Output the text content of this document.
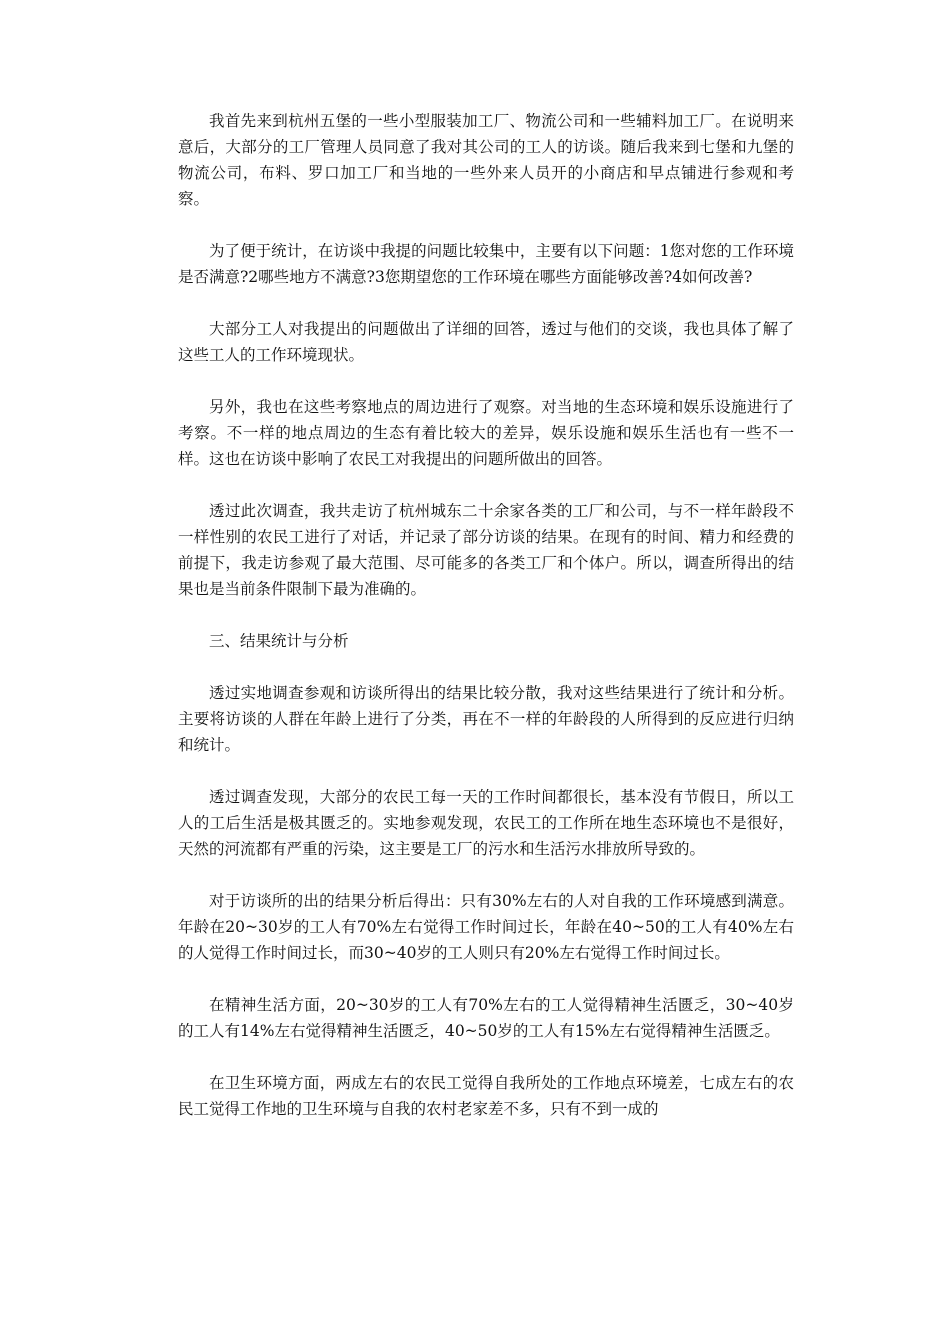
我首先来到杭州五堡的一些小型服装加工厂、物流公司和一些辅料加工厂。在说明来意后，大部分的工厂管理人员同意了我对其公司的工人的访谈。随后我来到七堡和九堡的物流公司，布料、罗口加工厂和当地的一些外来人员开的小商店和早点铺进行参观和考察。

为了便于统计，在访谈中我提的问题比较集中，主要有以下问题：1您对您的工作环境是否满意?2哪些地方不满意?3您期望您的工作环境在哪些方面能够改善?4如何改善?

大部分工人对我提出的问题做出了详细的回答，透过与他们的交谈，我也具体了解了这些工人的工作环境现状。

另外，我也在这些考察地点的周边进行了观察。对当地的生态环境和娱乐设施进行了考察。不一样的地点周边的生态有着比较大的差异，娱乐设施和娱乐生活也有一些不一样。这也在访谈中影响了农民工对我提出的问题所做出的回答。

透过此次调查，我共走访了杭州城东二十余家各类的工厂和公司，与不一样年龄段不一样性别的农民工进行了对话，并记录了部分访谈的结果。在现有的时间、精力和经费的前提下，我走访参观了最大范围、尽可能多的各类工厂和个体户。所以，调查所得出的结果也是当前条件限制下最为准确的。

三、结果统计与分析

透过实地调查参观和访谈所得出的结果比较分散，我对这些结果进行了统计和分析。主要将访谈的人群在年龄上进行了分类，再在不一样的年龄段的人所得到的反应进行归纳和统计。

透过调查发现，大部分的农民工每一天的工作时间都很长，基本没有节假日，所以工人的工后生活是极其匮乏的。实地参观发现，农民工的工作所在地生态环境也不是很好，天然的河流都有严重的污染，这主要是工厂的污水和生活污水排放所导致的。

对于访谈所的出的结果分析后得出：只有30%左右的人对自我的工作环境感到满意。年龄在20~30岁的工人有70%左右觉得工作时间过长，年龄在40~50的工人有40%左右的人觉得工作时间过长，而30~40岁的工人则只有20%左右觉得工作时间过长。

在精神生活方面，20~30岁的工人有70%左右的工人觉得精神生活匮乏，30~40岁的工人有14%左右觉得精神生活匮乏，40~50岁的工人有15%左右觉得精神生活匮乏。

在卫生环境方面，两成左右的农民工觉得自我所处的工作地点环境差，七成左右的农民工觉得工作地的卫生环境与自我的农村老家差不多，只有不到一成的
